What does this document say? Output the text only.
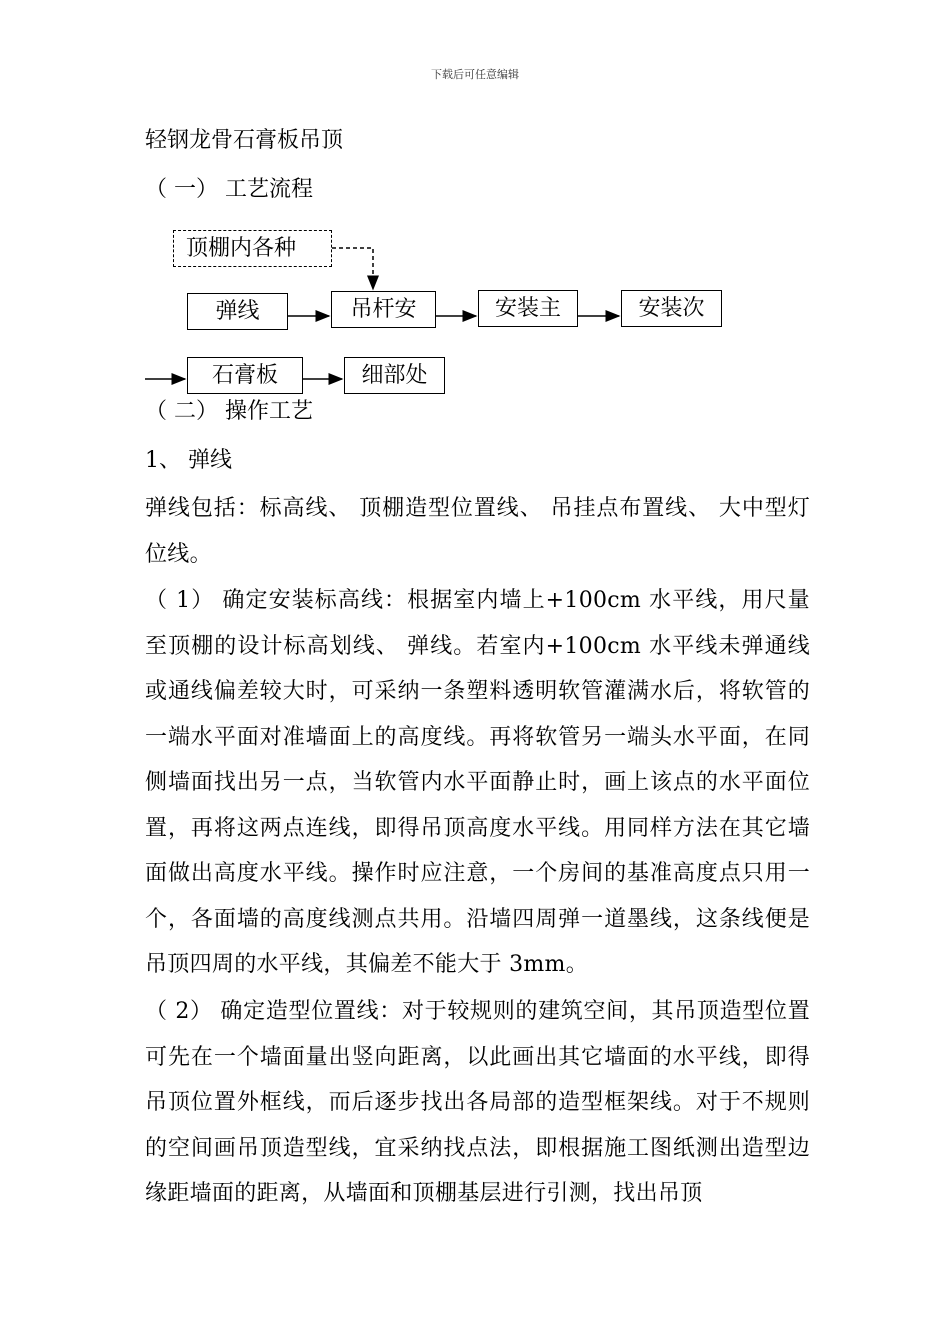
下载后可任意编辑
轻钢龙骨石膏板吊顶
（ 一） 工艺流程
顶棚内各种
弹线	吊杆安	安装主	安装次
石膏板	细部处
（ 二） 操作工艺
1、 弹线
弹线包括：标高线、 顶棚造型位置线、 吊挂点布置线、 大中型灯位线。
（ 1） 确定安装标高线：根据室内墙上+100cm 水平线，用尺量至顶棚的设计标高划线、 弹线。若室内+100cm 水平线未弹通线或通线偏差较大时，可采纳一条塑料透明软管灌满水后，将软管的一端水平面对准墙面上的高度线。再将软管另一端头水平面，在同侧墙面找出另一点，当软管内水平面静止时，画上该点的水平面位置，再将这两点连线，即得吊顶高度水平线。用同样方法在其它墙面做出高度水平线。操作时应注意，一个房间的基准高度点只用一个，各面墙的高度线测点共用。沿墙四周弹一道墨线，这条线便是吊顶四周的水平线，其偏差不能大于 3mm。
（ 2） 确定造型位置线：对于较规则的建筑空间，其吊顶造型位置可先在一个墙面量出竖向距离，以此画出其它墙面的水平线，即得吊顶位置外框线，而后逐步找出各局部的造型框架线。对于不规则的空间画吊顶造型线，宜采纳找点法，即根据施工图纸测出造型边缘距墙面的距离，从墙面和顶棚基层进行引测，找出吊顶
